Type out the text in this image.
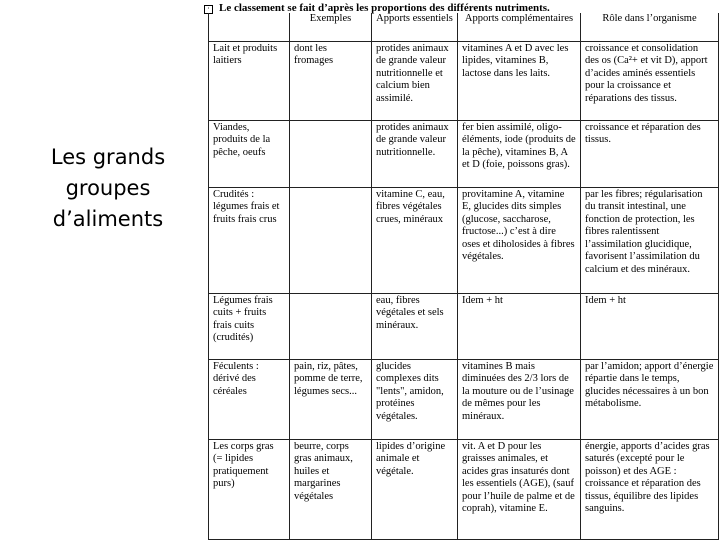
Les grands groupes d’aliments
· Le classement se fait d’après les proportions des différents nutriments.
	Exemples	Apports essentiels	Apports complémentaires	Rôle dans l’organisme
Lait et produits laitiers	dont les fromages	protides animaux de grande valeur nutritionnelle et calcium bien assimilé.	vitamines A et D avec les lipides, vitamines B, lactose dans les laits.	croissance et consolidation des os (Ca²+ et vit D), apport d’acides aminés essentiels pour la croissance et réparations des tissus.
Viandes, produits de la pêche, oeufs		protides animaux de grande valeur nutritionnelle.	fer bien assimilé, oligo-éléments, iode (produits de la pêche), vitamines B, A et D (foie, poissons gras).	croissance et réparation des tissus.
Crudités : légumes frais et fruits frais crus		vitamine C, eau, fibres végétales crues, minéraux	provitamine A, vitamine E, glucides dits simples (glucose, saccharose, fructose...) c’est à dire oses et diholosides à fibres végétales.	par les fibres; régularisation du transit intestinal, une fonction de protection, les fibres ralentissent l’assimilation glucidique, favorisent l’assimilation du calcium et des minéraux.
Légumes frais cuits + fruits frais cuits (crudités)		eau, fibres végétales et sels minéraux.	Idem + ht	Idem + ht
Féculents : dérivé des céréales	pain, riz, pâtes, pomme de terre, légumes secs...	glucides complexes dits "lents", amidon, protéines végétales.	vitamines B mais diminuées des 2/3 lors de la mouture ou de l’usinage de mêmes pour les minéraux.	par l’amidon; apport d’énergie répartie dans le temps, glucides nécessaires à un bon métabolisme.
Les corps gras (= lipides pratiquement purs)	beurre, corps gras animaux, huiles et margarines végétales	lipides d’origine animale et végétale.	vit. A et D pour les graisses animales, et acides gras insaturés dont les essentiels (AGE), (sauf pour l’huile de palme et de coprah), vitamine E.	énergie, apports d’acides gras saturés (excepté pour le poisson) et des AGE : croissance et réparation des tissus, équilibre des lipides sanguins.
